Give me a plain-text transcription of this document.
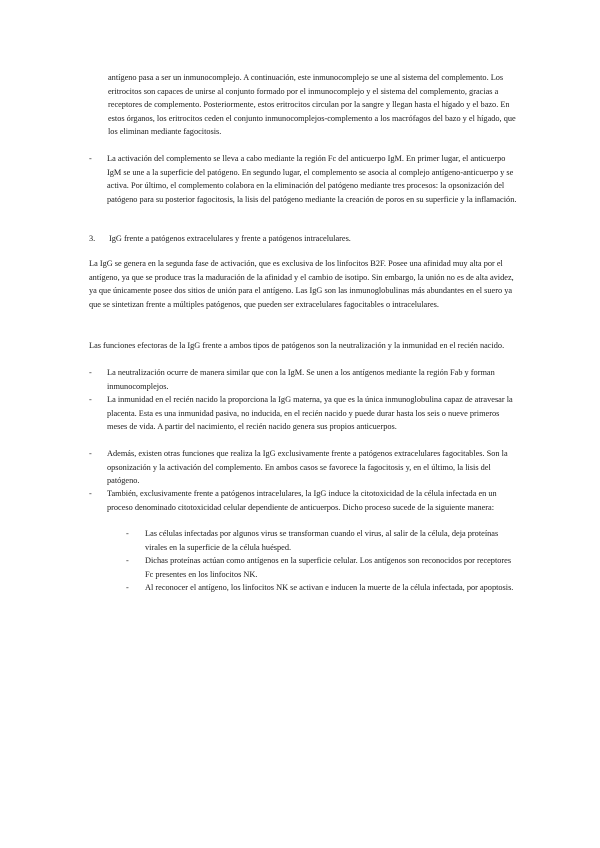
antígeno pasa a ser un inmunocomplejo. A continuación, este inmunocomplejo se une al sistema del complemento. Los eritrocitos son capaces de unirse al conjunto formado por el inmunocomplejo y el sistema del complemento, gracias a receptores de complemento. Posteriormente, estos eritrocitos circulan por la sangre y llegan hasta el hígado y el bazo. En estos órganos, los eritrocitos ceden el conjunto inmunocomplejos-complemento a los macrófagos del bazo y el hígado, que los eliminan mediante fagocitosis.

- La activación del complemento se lleva a cabo mediante la región Fc del anticuerpo IgM. En primer lugar, el anticuerpo IgM se une a la superficie del patógeno. En segundo lugar, el complemento se asocia al complejo antígeno-anticuerpo y se activa. Por último, el complemento colabora en la eliminación del patógeno mediante tres procesos: la opsonización del patógeno para su posterior fagocitosis, la lisis del patógeno mediante la creación de poros en su superficie y la inflamación.

3. IgG frente a patógenos extracelulares y frente a patógenos intracelulares.

La IgG se genera en la segunda fase de activación, que es exclusiva de los linfocitos B2F. Posee una afinidad muy alta por el antígeno, ya que se produce tras la maduración de la afinidad y el cambio de isotipo. Sin embargo, la unión no es de alta avidez, ya que únicamente posee dos sitios de unión para el antígeno. Las IgG son las inmunoglobulinas más abundantes en el suero ya que se sintetizan frente a múltiples patógenos, que pueden ser extracelulares fagocitables o intracelulares.

Las funciones efectoras de la IgG frente a ambos tipos de patógenos son la neutralización y la inmunidad en el recién nacido.

- La neutralización ocurre de manera similar que con la IgM. Se unen a los antígenos mediante la región Fab y forman inmunocomplejos.

- La inmunidad en el recién nacido la proporciona la IgG materna, ya que es la única inmunoglobulina capaz de atravesar la placenta. Esta es una inmunidad pasiva, no inducida, en el recién nacido y puede durar hasta los seis o nueve primeros meses de vida. A partir del nacimiento, el recién nacido genera sus propios anticuerpos.

- Además, existen otras funciones que realiza la IgG exclusivamente frente a patógenos extracelulares fagocitables. Son la opsonización y la activación del complemento. En ambos casos se favorece la fagocitosis y, en el último, la lisis del patógeno.

- También, exclusivamente frente a patógenos intracelulares, la IgG induce la citotoxicidad de la célula infectada en un proceso denominado citotoxicidad celular dependiente de anticuerpos. Dicho proceso sucede de la siguiente manera:

- Las células infectadas por algunos virus se transforman cuando el virus, al salir de la célula, deja proteínas virales en la superficie de la célula huésped.

- Dichas proteínas actúan como antígenos en la superficie celular. Los antígenos son reconocidos por receptores Fc presentes en los linfocitos NK.

- Al reconocer el antígeno, los linfocitos NK se activan e inducen la muerte de la célula infectada, por apoptosis.
